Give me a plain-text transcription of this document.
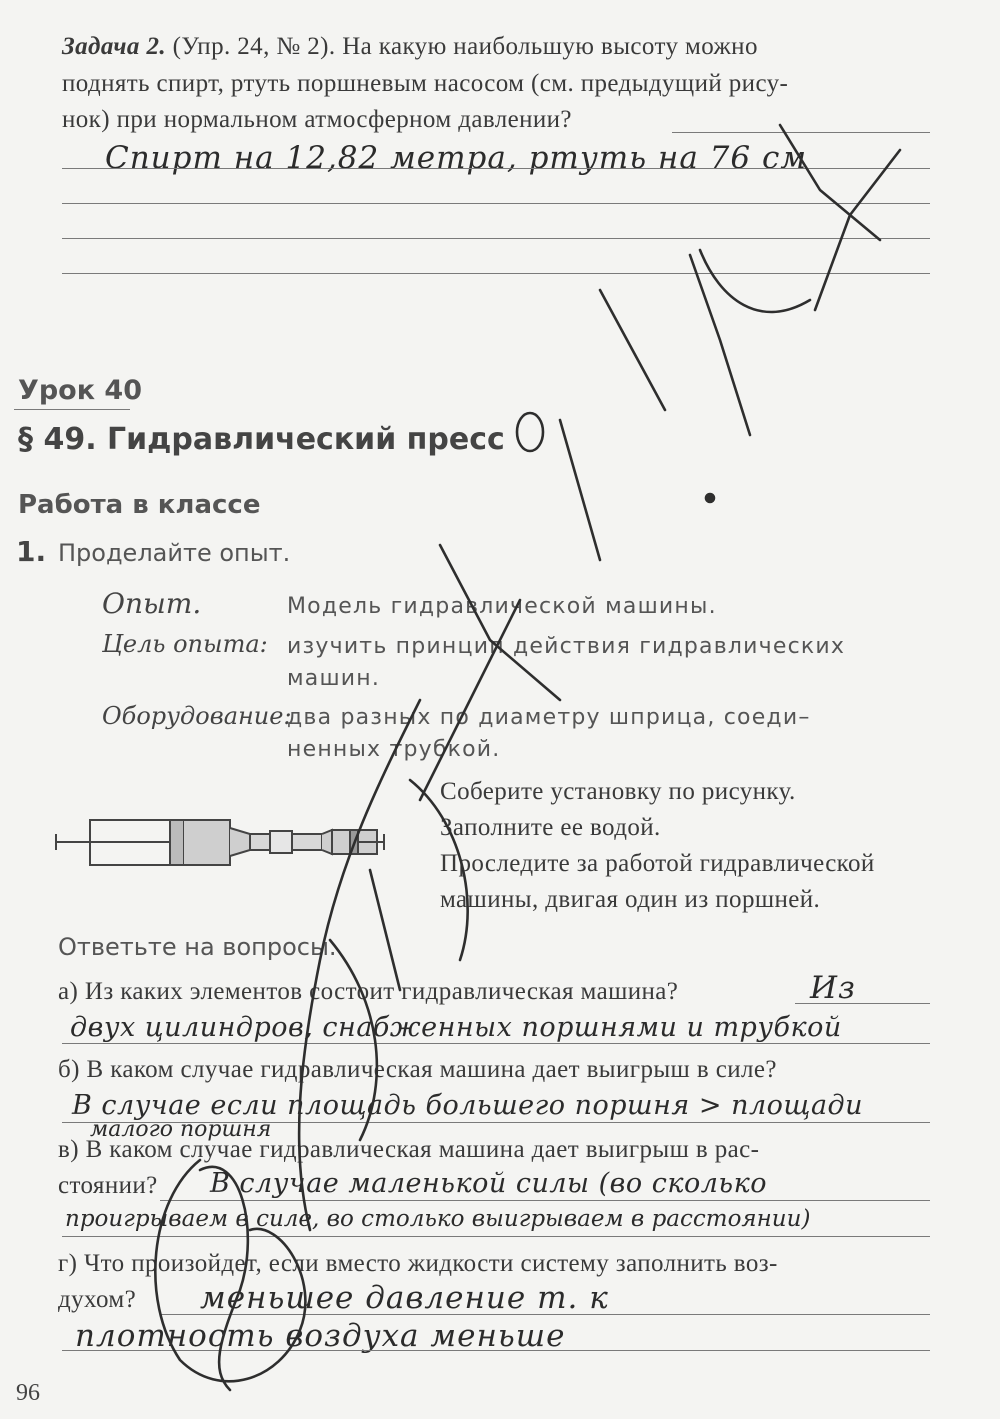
Задача 2. (Упр. 24, № 2). На какую наибольшую высоту можно
поднять спирт, ртуть поршневым насосом (см. предыдущий рису-
нок) при нормальном атмосферном давлении?
Спирт на 12,82 метра, ртуть на 76 см
Урок 40
§ 49. Гидравлический пресс
Работа в классе
1. Проделайте опыт.
Опыт.	Модель гидравлической машины.
Цель опыта: изучить принцип действия гидравлических
машин.
Оборудование:
два разных по диаметру шприца, соеди–
ненных трубкой.
Соберите установку по рисунку.
Заполните ее водой.
Проследите за работой гидравлической
машины, двигая один из поршней.
Ответьте на вопросы.
а) Из каких элементов состоит гидравлическая машина?	Из
двух цилиндров, снабженных поршнями и трубкой
б) В каком случае гидравлическая машина дает выигрыш в силе?
В случае если площадь большего поршня > площади
малого поршня
в) В каком случае гидравлическая машина дает выигрыш в рас-
стоянии? В случае маленькой силы (во сколько
проигрываем в силе, во столько выигрываем в расстоянии)
г) Что произойдет, если вместо жидкости систему заполнить воз-
духом? меньшее давление т. к
плотность воздуха меньше
96
